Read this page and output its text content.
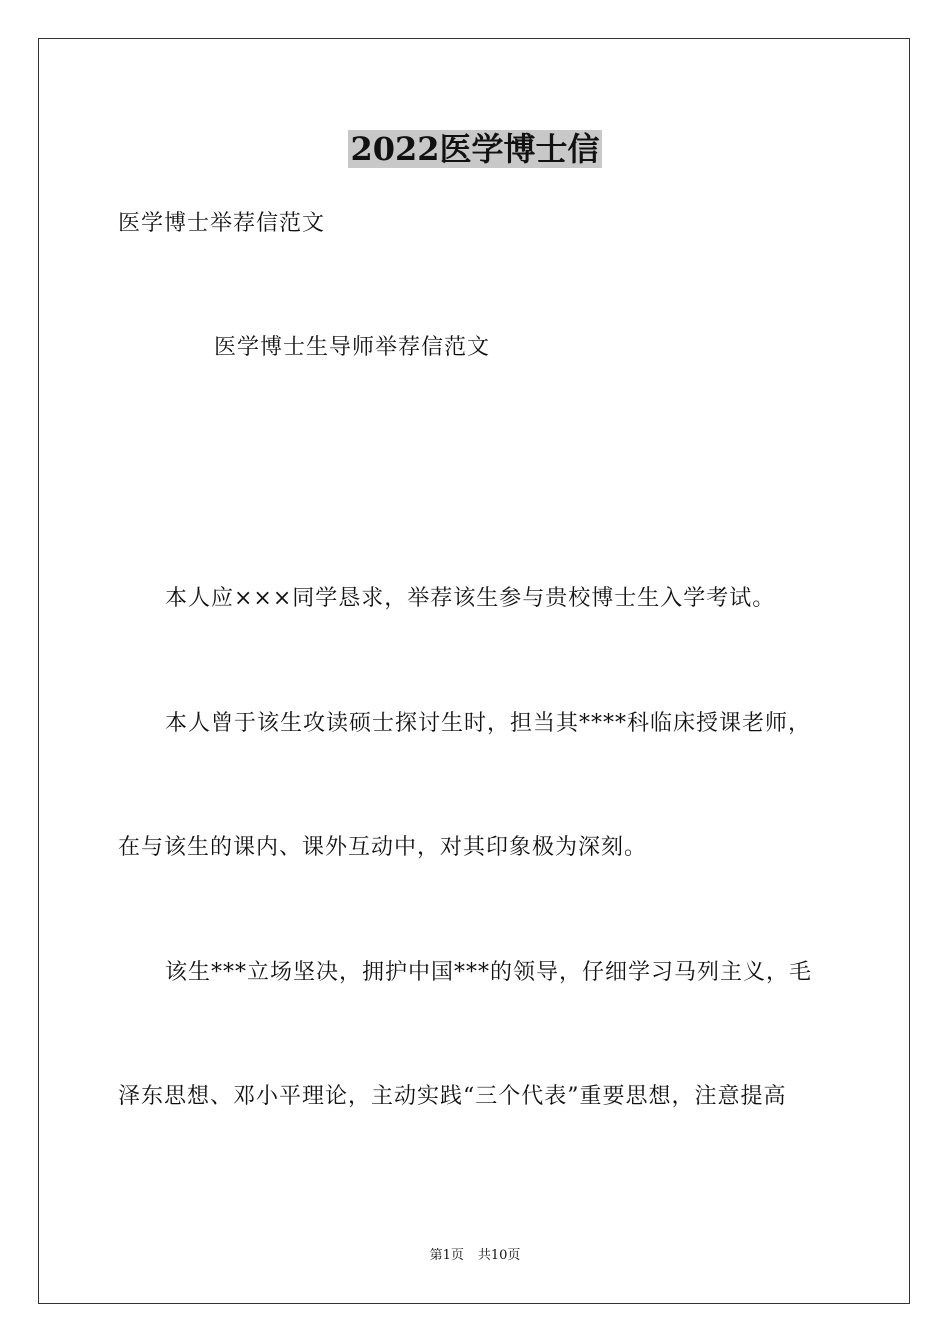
2022医学博士信
医学博士举荐信范文
医学博士生导师举荐信范文
本人应×××同学恳求，举荐该生参与贵校博士生入学考试。
本人曾于该生攻读硕士探讨生时，担当其****科临床授课老师，
在与该生的课内、课外互动中，对其印象极为深刻。
该生***立场坚决，拥护中国***的领导，仔细学习马列主义，毛
泽东思想、邓小平理论，主动实践“三个代表”重要思想，注意提高
第1页 共10页
